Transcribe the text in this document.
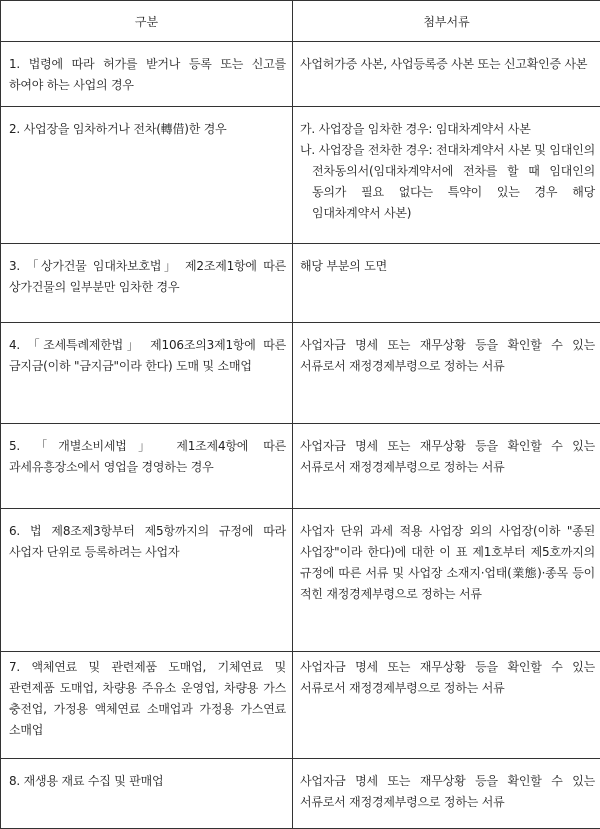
구분	첨부서류

1. 법령에 따라 허가를 받거나 등록 또는 신고를 하여야 하는 사업의 경우	사업허가증 사본, 사업등록증 사본 또는 신고확인증 사본

2. 사업장을 임차하거나 전차(轉借)한 경우	가. 사업장을 임차한 경우: 임대차계약서 사본
나. 사업장을 전차한 경우: 전대차계약서 사본 및 임대인의 전차동의서(임대차계약서에 전차를 할 때 임대인의 동의가 필요 없다는 특약이 있는 경우 해당 임대차계약서 사본)

3. 「상가건물 임대차보호법」 제2조제1항에 따른 상가건물의 일부분만 임차한 경우	해당 부분의 도면

4. 「조세특례제한법」 제106조의3제1항에 따른 금지금(이하 "금지금"이라 한다) 도매 및 소매업	사업자금 명세 또는 재무상황 등을 확인할 수 있는 서류로서 재정경제부령으로 정하는 서류

5. 「개별소비세법」 제1조제4항에 따른 과세유흥장소에서 영업을 경영하는 경우	사업자금 명세 또는 재무상황 등을 확인할 수 있는 서류로서 재정경제부령으로 정하는 서류

6. 법 제8조제3항부터 제5항까지의 규정에 따라 사업자 단위로 등록하려는 사업자	사업자 단위 과세 적용 사업장 외의 사업장(이하 "종된 사업장"이라 한다)에 대한 이 표 제1호부터 제5호까지의 규정에 따른 서류 및 사업장 소재지·업태(業態)·종목 등이 적힌 재정경제부령으로 정하는 서류

7. 액체연료 및 관련제품 도매업, 기체연료 및 관련제품 도매업, 차량용 주유소 운영업, 차량용 가스 충전업, 가정용 액체연료 소매업과 가정용 가스연료 소매업	사업자금 명세 또는 재무상황 등을 확인할 수 있는 서류로서 재정경제부령으로 정하는 서류

8. 재생용 재료 수집 및 판매업	사업자금 명세 또는 재무상황 등을 확인할 수 있는 서류로서 재정경제부령으로 정하는 서류
